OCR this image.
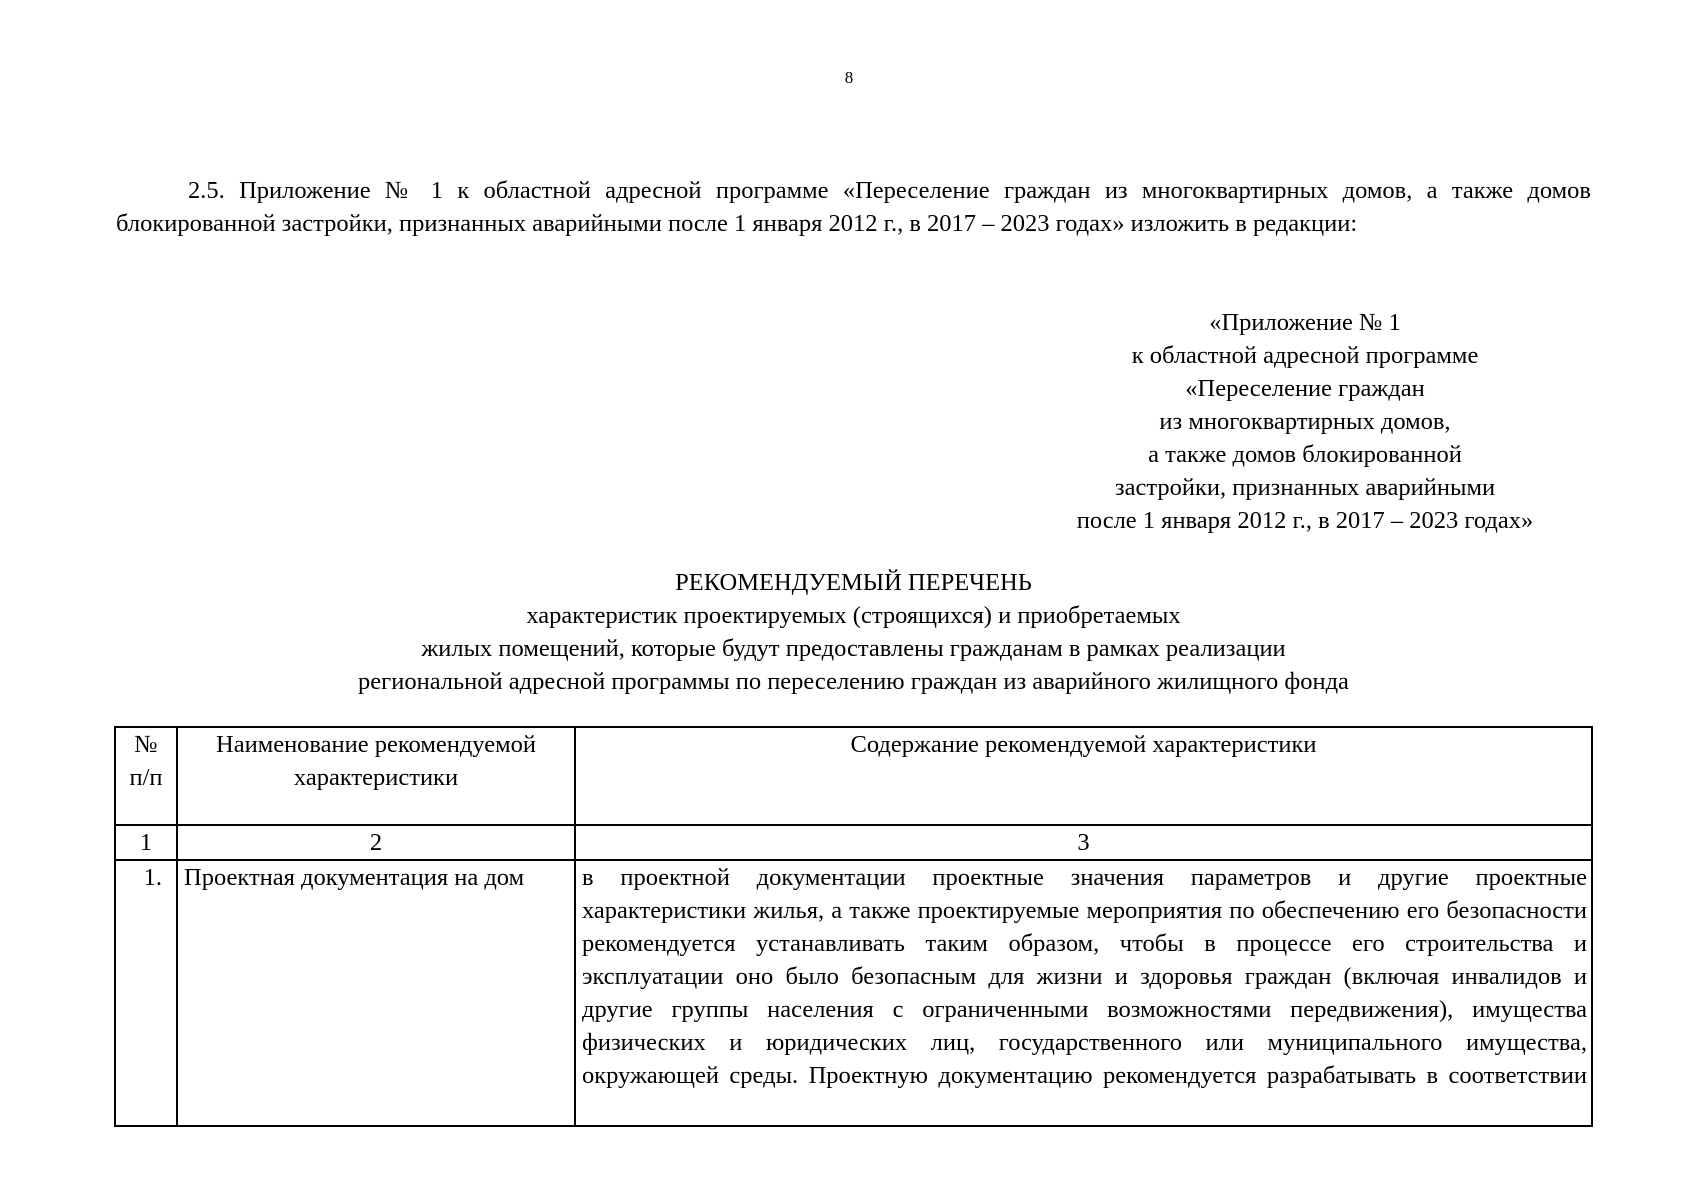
8

2.5. Приложение № 1 к областной адресной программе «Переселение граждан из многоквартирных домов, а также домов блокированной застройки, признанных аварийными после 1 января 2012 г., в 2017 – 2023 годах» изложить в редакции:

«Приложение № 1
к областной адресной программе
«Переселение граждан
из многоквартирных домов,
а также домов блокированной
застройки, признанных аварийными
после 1 января 2012 г., в 2017 – 2023 годах»
РЕКОМЕНДУЕМЫЙ ПЕРЕЧЕНЬ
характеристик проектируемых (строящихся) и приобретаемых
жилых помещений, которые будут предоставлены гражданам в рамках реализации
региональной адресной программы по переселению граждан из аварийного жилищного фонда
№ п/п	Наименование рекомендуемой характеристики	Содержание рекомендуемой характеристики
1	2	3
1.	Проектная документация на дом	в проектной документации проектные значения параметров и другие проектные характеристики жилья, а также проектируемые мероприятия по обеспечению его безопасности рекомендуется устанавливать таким образом, чтобы в процессе его строительства и эксплуатации оно было безопасным для жизни и здоровья граждан (включая инвалидов и другие группы населения с ограниченными возможностями передвижения), имущества физических и юридических лиц, государственного или муниципального имущества, окружающей среды. Проектную документацию рекомендуется разрабатывать в соответствии
